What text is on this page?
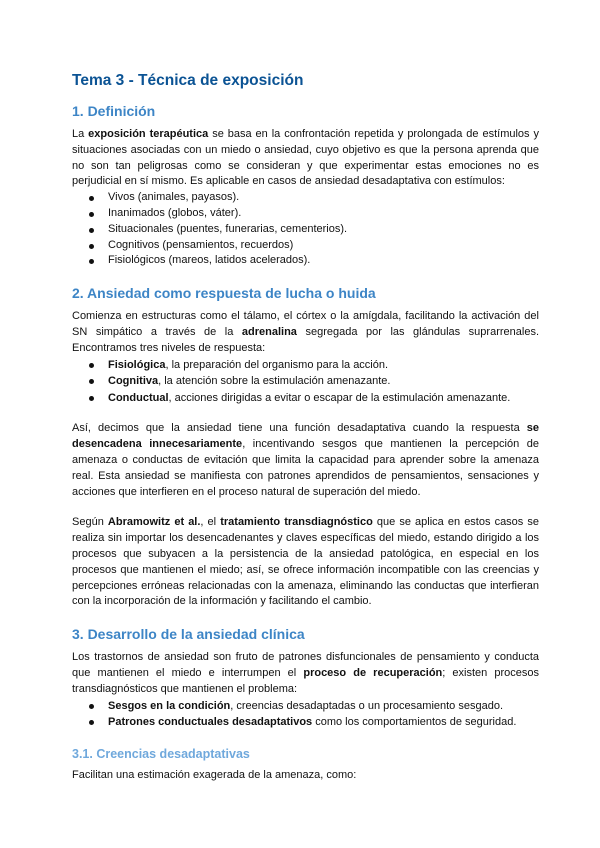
Tema 3 - Técnica de exposición
1. Definición

La exposición terapéutica se basa en la confrontación repetida y prolongada de estímulos y situaciones asociadas con un miedo o ansiedad, cuyo objetivo es que la persona aprenda que no son tan peligrosas como se consideran y que experimentar estas emociones no es perjudicial en sí mismo. Es aplicable en casos de ansiedad desadaptativa con estímulos:

Vivos (animales, payasos).
Inanimados (globos, váter).
Situacionales (puentes, funerarias, cementerios).
Cognitivos (pensamientos, recuerdos)
Fisiológicos (mareos, latidos acelerados).
2. Ansiedad como respuesta de lucha o huida

Comienza en estructuras como el tálamo, el córtex o la amígdala, facilitando la activación del SN simpático a través de la adrenalina segregada por las glándulas suprarrenales. Encontramos tres niveles de respuesta:

Fisiológica, la preparación del organismo para la acción.
Cognitiva, la atención sobre la estimulación amenazante.
Conductual, acciones dirigidas a evitar o escapar de la estimulación amenazante.

Así, decimos que la ansiedad tiene una función desadaptativa cuando la respuesta se desencadena innecesariamente, incentivando sesgos que mantienen la percepción de amenaza o conductas de evitación que limita la capacidad para aprender sobre la amenaza real. Esta ansiedad se manifiesta con patrones aprendidos de pensamientos, sensaciones y acciones que interfieren en el proceso natural de superación del miedo.

Según Abramowitz et al., el tratamiento transdiagnóstico que se aplica en estos casos se realiza sin importar los desencadenantes y claves específicas del miedo, estando dirigido a los procesos que subyacen a la persistencia de la ansiedad patológica, en especial en los procesos que mantienen el miedo; así, se ofrece información incompatible con las creencias y percepciones erróneas relacionadas con la amenaza, eliminando las conductas que interfieran con la incorporación de la información y facilitando el cambio.

3. Desarrollo de la ansiedad clínica

Los trastornos de ansiedad son fruto de patrones disfuncionales de pensamiento y conducta que mantienen el miedo e interrumpen el proceso de recuperación; existen procesos transdiagnósticos que mantienen el problema:

Sesgos en la condición, creencias desadaptadas o un procesamiento sesgado.
Patrones conductuales desadaptativos como los comportamientos de seguridad.
3.1. Creencias desadaptativas

Facilitan una estimación exagerada de la amenaza, como:
